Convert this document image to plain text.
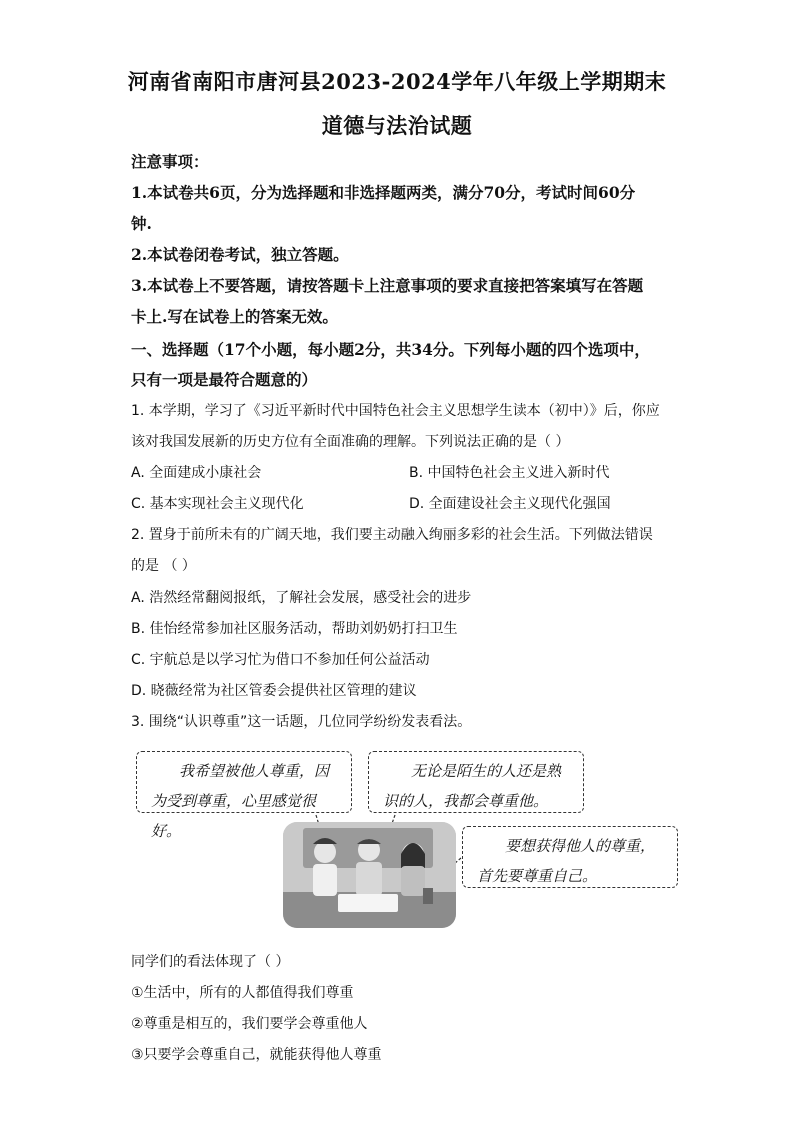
河南省南阳市唐河县2023-2024学年八年级上学期期末
道德与法治试题
注意事项：
1.本试卷共6页，分为选择题和非选择题两类，满分70分，考试时间60分
钟.
2.本试卷闭卷考试，独立答题。
3.本试卷上不要答题，请按答题卡上注意事项的要求直接把答案填写在答题
卡上.写在试卷上的答案无效。
一、选择题（17个小题，每小题2分，共34分。下列每小题的四个选项中，
只有一项是最符合题意的）
1. 本学期，学习了《习近平新时代中国特色社会主义思想学生读本（初中）》后，你应
该对我国发展新的历史方位有全面准确的理解。下列说法正确的是（ ）
A. 全面建成小康社会	B. 中国特色社会主义进入新时代
C. 基本实现社会主义现代化	D. 全面建设社会主义现代化强国
2. 置身于前所未有的广阔天地，我们要主动融入绚丽多彩的社会生活。下列做法错误
的是 （ ）
A. 浩然经常翻阅报纸，了解社会发展，感受社会的进步
B. 佳怡经常参加社区服务活动，帮助刘奶奶打扫卫生
C. 宇航总是以学习忙为借口不参加任何公益活动
D. 晓薇经常为社区管委会提供社区管理的建议
3. 围绕“认识尊重”这一话题，几位同学纷纷发表看法。
我希望被他人尊重，因
为受到尊重，心里感觉很好。
无论是陌生的人还是熟
识的人，我都会尊重他。
要想获得他人的尊重，
首先要尊重自己。
同学们的看法体现了（ ）
①生活中，所有的人都值得我们尊重
②尊重是相互的，我们要学会尊重他人
③只要学会尊重自己，就能获得他人尊重
